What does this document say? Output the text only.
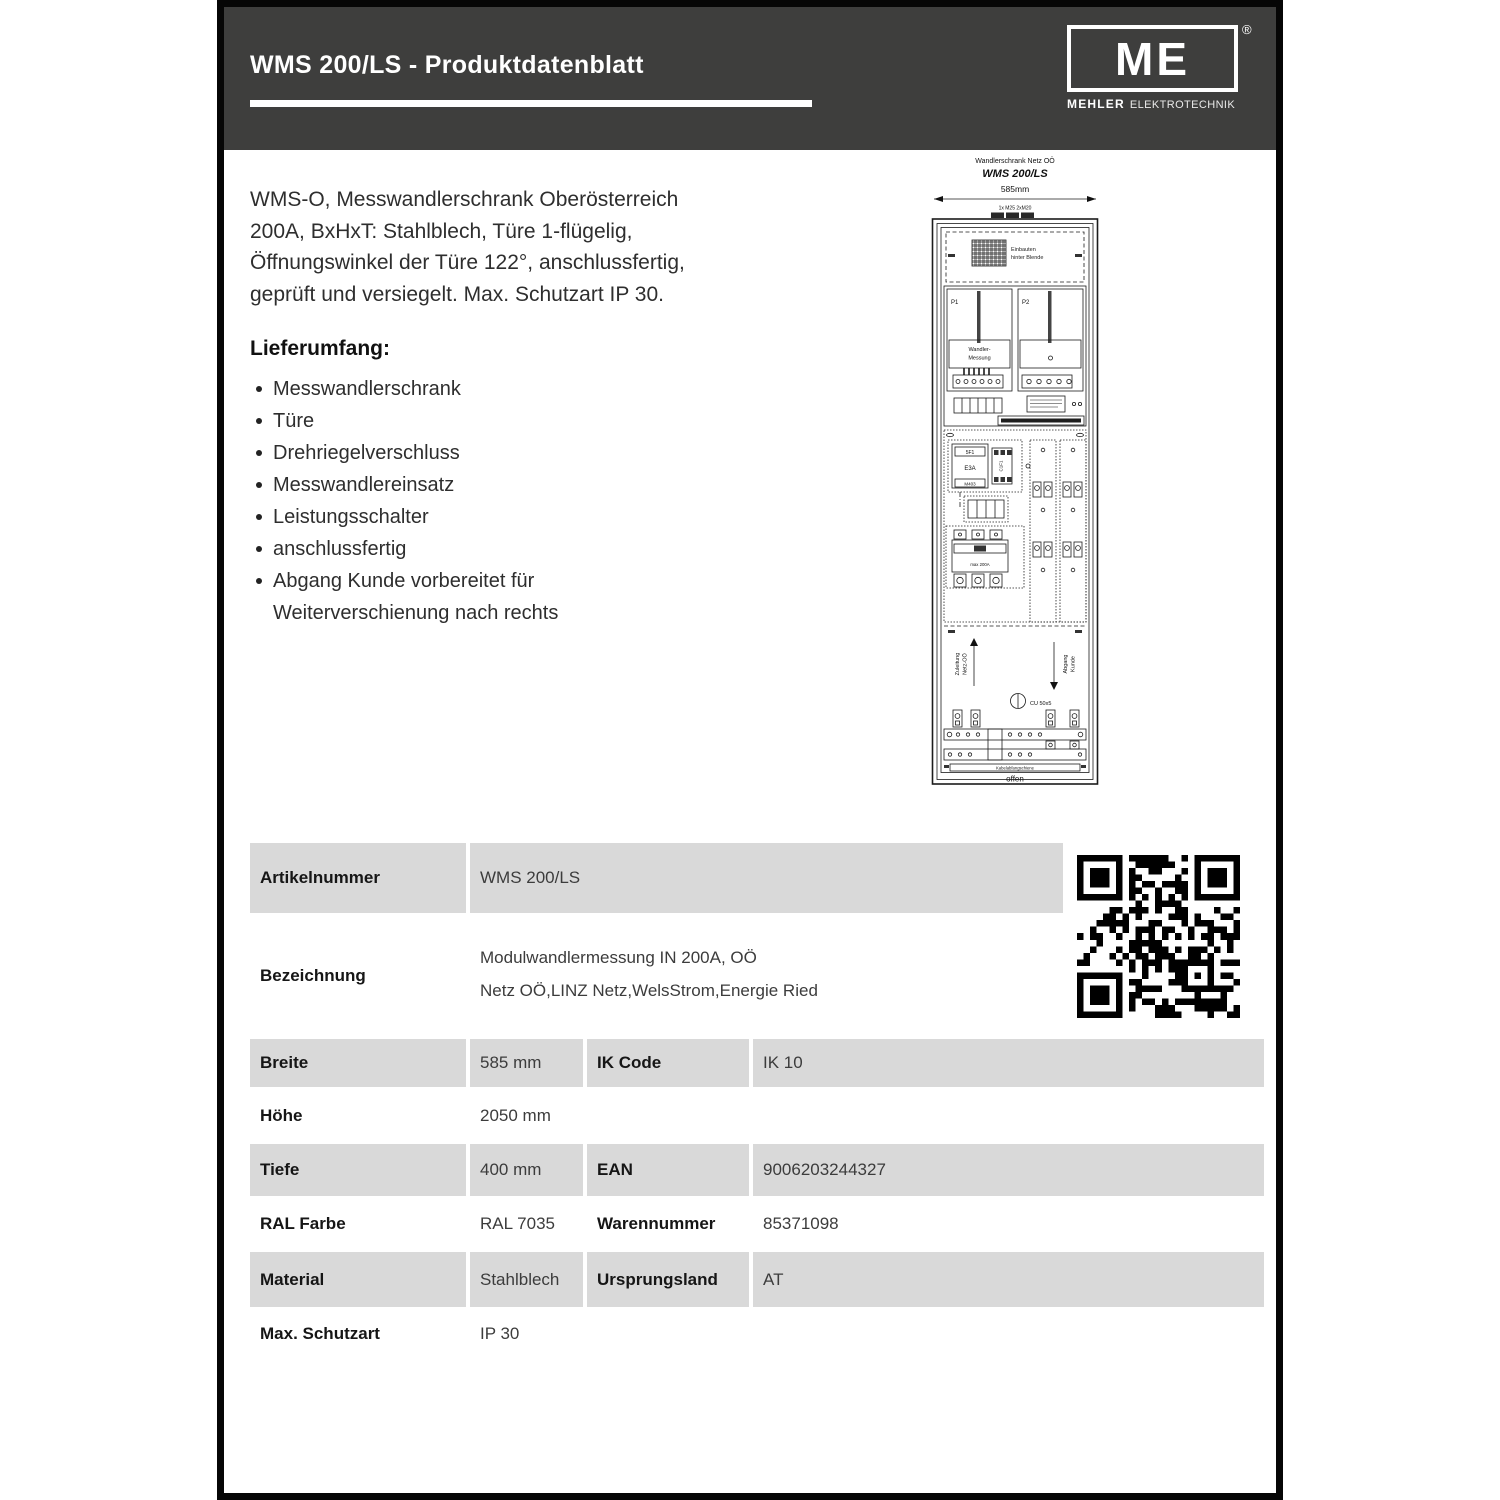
WMS 200/LS - Produktdatenblatt	ME
®
MEHLER ELEKTROTECHNIK
WMS-O, Messwandlerschrank Oberösterreich
200A, BxHxT: Stahlblech, Türe 1-flügelig,
Öffnungswinkel der Türe 122°, anschlussfertig,
geprüft und versiegelt. Max. Schutzart IP 30.
Lieferumfang:
Messwandlerschrank
Türe
Drehriegelverschluss
Messwandlereinsatz
Leistungsschalter
anschlussfertig
Abgang Kunde vorbereitet für Weiterverschienung nach rechts
Wandlerschrank Netz OÖ
WMS 200/LS
585mm
1x M25 2xM20
Einbauten
hinter Blende
P1	P2
Wandler-
Messung
5F1
E3A
M403
C1F1
max 200A
Zuleitung Netz-OÖ	Abgang Kunde
CU 50x5
Kabelabfangschiene
offen
Artikelnummer	WMS 200/LS
Bezeichnung
Modulwandlermessung IN 200A, OÖ
Netz OÖ,LINZ Netz,WelsStrom,Energie Ried
Breite	585 mm	IK Code	IK 10
Höhe	2050 mm
Tiefe	400 mm	EAN	9006203244327
RAL Farbe	RAL 7035	Warennummer	85371098
Material	Stahlblech	Ursprungsland	AT
Max. Schutzart	IP 30
